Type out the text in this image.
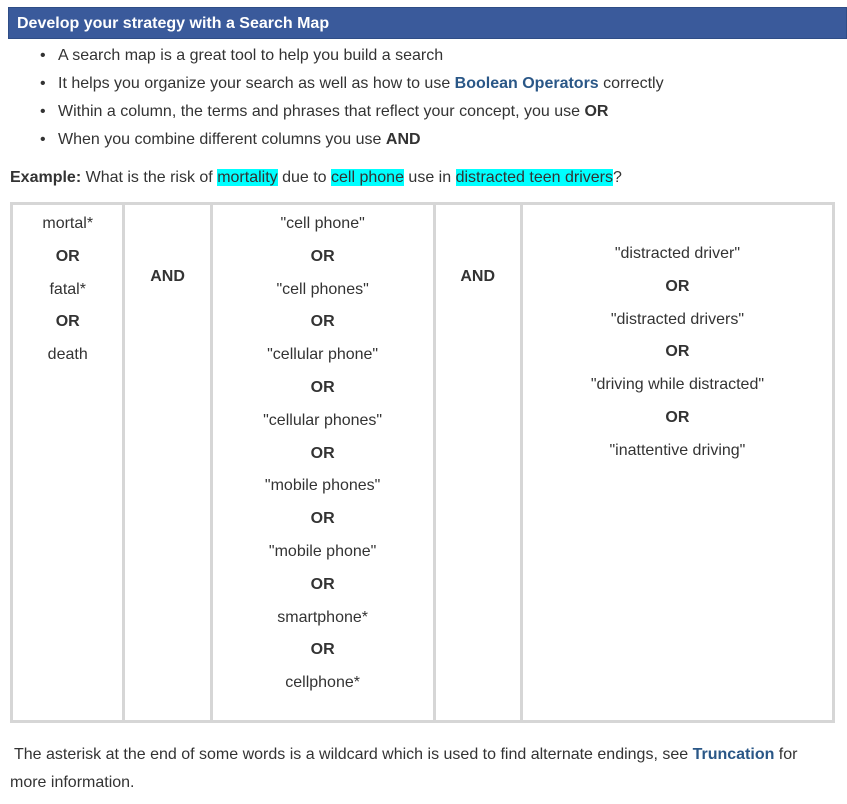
Develop your strategy with a Search Map
• A search map is a great tool to help you build a search
• It helps you organize your search as well as how to use Boolean Operators correctly
• Within a column, the terms and phrases that reflect your concept, you use OR
• When you combine different columns you use AND
Example: What is the risk of mortality due to cell phone use in distracted teen drivers?
mortal*
OR
fatal*
OR
death

AND

"cell phone"
OR
"cell phones"
OR
"cellular phone"
OR
"cellular phones"
OR
"mobile phones"
OR
"mobile phone"
OR
smartphone*
OR
cellphone*

AND

"distracted driver"
OR
"distracted drivers"
OR
"driving while distracted"
OR
"inattentive driving"
The asterisk at the end of some words is a wildcard which is used to find alternate endings, see Truncation for more information.
